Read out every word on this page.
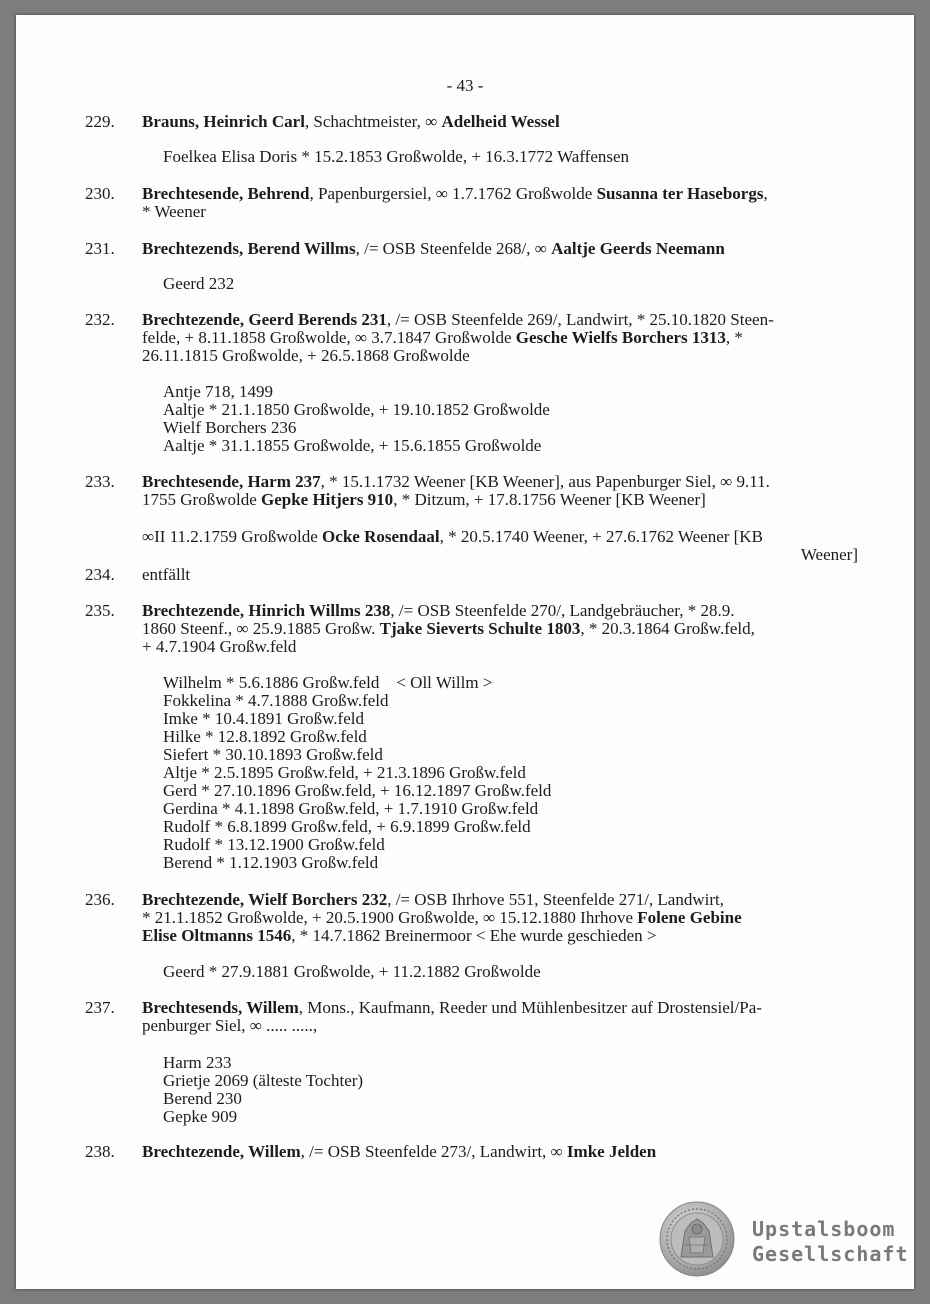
- 43 -
229. Brauns, Heinrich Carl, Schachtmeister, ∞ Adelheid Wessel

Foelkea Elisa Doris * 15.2.1853 Großwolde, + 16.3.1772 Waffensen
230. Brechtesende, Behrend, Papenburgersiel, ∞ 1.7.1762 Großwolde Susanna ter Haseborgs,

* Weener

231. Brechtezends, Berend Willms, /= OSB Steenfelde 268/, ∞ Aaltje Geerds Neemann

Geerd 232
232. Brechtezende, Geerd Berends 231, /= OSB Steenfelde 269/, Landwirt, * 25.10.1820 Steen-

felde, + 8.11.1858 Großwolde, ∞ 3.7.1847 Großwolde Gesche Wielfs Borchers 1313, *

26.11.1815 Großwolde, + 26.5.1868 Großwolde

Antje 718, 1499
Aaltje * 21.1.1850 Großwolde, + 19.10.1852 Großwolde
Wielf Borchers 236
Aaltje * 31.1.1855 Großwolde, + 15.6.1855 Großwolde
233. Brechtesende, Harm 237, * 15.1.1732 Weener [KB Weener], aus Papenburger Siel, ∞ 9.11.

1755 Großwolde Gepke Hitjers 910, * Ditzum, + 17.8.1756 Weener [KB Weener]

∞II 11.2.1759 Großwolde Ocke Rosendaal, * 20.5.1740 Weener, + 27.6.1762 Weener [KB

Weener]

234. entfällt

235. Brechtezende, Hinrich Willms 238, /= OSB Steenfelde 270/, Landgebräucher, * 28.9.

1860 Steenf., ∞ 25.9.1885 Großw. Tjake Sieverts Schulte 1803, * 20.3.1864 Großw.feld,

+ 4.7.1904 Großw.feld

Wilhelm * 5.6.1886 Großw.feld    < Oll Willm >
Fokkelina * 4.7.1888 Großw.feld
Imke * 10.4.1891 Großw.feld
Hilke * 12.8.1892 Großw.feld
Siefert * 30.10.1893 Großw.feld
Altje * 2.5.1895 Großw.feld, + 21.3.1896 Großw.feld
Gerd * 27.10.1896 Großw.feld, + 16.12.1897 Großw.feld
Gerdina * 4.1.1898 Großw.feld, + 1.7.1910 Großw.feld
Rudolf * 6.8.1899 Großw.feld, + 6.9.1899 Großw.feld
Rudolf * 13.12.1900 Großw.feld
Berend * 1.12.1903 Großw.feld
236. Brechtezende, Wielf Borchers 232, /= OSB Ihrhove 551, Steenfelde 271/, Landwirt,

* 21.1.1852 Großwolde, + 20.5.1900 Großwolde, ∞ 15.12.1880 Ihrhove Folene Gebine

Elise Oltmanns 1546, * 14.7.1862 Breinermoor < Ehe wurde geschieden >

Geerd * 27.9.1881 Großwolde, + 11.2.1882 Großwolde
237. Brechtesends, Willem, Mons., Kaufmann, Reeder und Mühlenbesitzer auf Drostensiel/Pa-

penburger Siel, ∞ ..... .....,

Harm 233
Grietje 2069 (älteste Tochter)
Berend 230
Gepke 909
238. Brechtezende, Willem, /= OSB Steenfelde 273/, Landwirt, ∞ Imke Jelden

Upstalsboom
Gesellschaft
